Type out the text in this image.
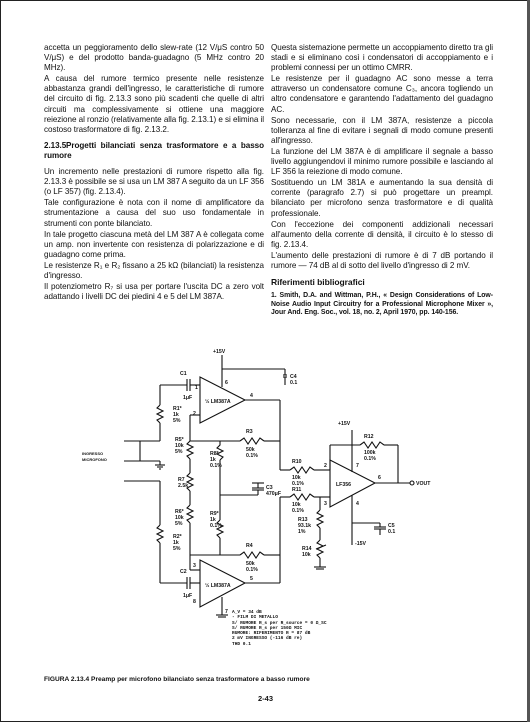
accetta un peggioramento dello slew-rate (12 V/μS contro 50 V/μS) e del prodotto banda-guadagno (5 MHz contro 20 MHz).

A causa del rumore termico presente nelle resistenze abbastanza grandi dell'ingresso, le caratteristiche di rumore del circuito di fig. 2.13.3 sono più scadenti che quelle di altri circuiti ma complessivamente si ottiene una maggiore reiezione al ronzio (relativamente alla fig. 2.13.1) e si elimina il costoso trasformatore di fig. 2.13.2.

2.13.5Progetti bilanciati senza trasformatore e a basso rumore

Un incremento nelle prestazioni di rumore rispetto alla fig. 2.13.3 è possibile se si usa un LM 387 A seguito da un LF 356 (o LF 357) (fig. 2.13.4).

Tale configurazione è nota con il nome di amplificatore da strumentazione a causa del suo uso fondamentale in strumenti con ponte bilanciato.

In tale progetto ciascuna metà del LM 387 A è collegata come un amp. non invertente con resistenza di polarizzazione e di guadagno come prima.

Le resistenze R₁ e R₂ fissano a 25 kΩ (bilanciati) la resistenza d'ingresso.

Il potenziometro R₇ si usa per portare l'uscita DC a zero volt adattando i livelli DC dei piedini 4 e 5 del LM 387A.

Questa sistemazione permette un accoppiamento diretto tra gli stadi e si eliminano così i condensatori di accoppiamento e i problemi connessi per un ottimo CMRR.

Le resistenze per il guadagno AC sono messe a terra attraverso un condensatore comune C₃, ancora togliendo un altro condensatore e garantendo l'adattamento del guadagno AC.

Sono necessarie, con il LM 387A, resistenze a piccola tolleranza al fine di evitare i segnali di modo comune presenti all'ingresso.

La funzione del LM 387A è di amplificare il segnale a basso livello aggiungendovi il minimo rumore possibile e lasciando al LF 356 la reiezione di modo comune.

Sostituendo un LM 381A e aumentando la sua densità di corrente (paragrafo 2.7) si può progettare un preampl. bilanciato per microfono senza trasformatore e di qualità professionale.

Con l'eccezione dei componenti addizionali necessari all'aumento della corrente di densità, il circuito è lo stesso di fig. 2.13.4.

L'aumento delle prestazioni di rumore è di 7 dB portando il rumore — 74 dB al di sotto del livello d'ingresso di 2 mV.

Riferimenti bibliografici

1. Smith, D.A. and Wittman, P.H., « Design Considerations of Low-Noise Audio Input Circuitry for a Professional Microphone Mixer », Jour And. Eng. Soc., vol. 18, no. 2, April 1970, pp. 140-156.

+15V
C4
0.1
½ LM387A
6
1
4
2
C1
1μF
R1*
1k
5%
INGRESSO
MICROFONO
R2*
1k
5%
C2
1μF
½ LM387A
3
5
8
7
R5*
10k
5%
R7
2.5k
R6*
10k
5%
R8*
1k
0.1%
C3
470μF
R9*
1k
0.1%
R3
50k
0.1%
R4
50k
0.1%
R10
10k
0.1%
R11
10k
0.1%
R13
93.1k
1%
R14
10k
LF356
2
3
7
4
6
+15V
-15V
C5
0.1
VOUT
R12
100k
0.1%
A_V = 34 dB
- FILM DI METALLO
S/ RUMORE R_s per R_source = 0 Ω_SC
S/ RUMORE R_s per 150Ω MIC
RUMORE: RIFERIMENTO R = 87 dB
2 mV INGRESSO (-116 dB re)
THD 0.1
FIGURA 2.13.4 Preamp per microfono bilanciato senza trasformatore a basso rumore
2-43
